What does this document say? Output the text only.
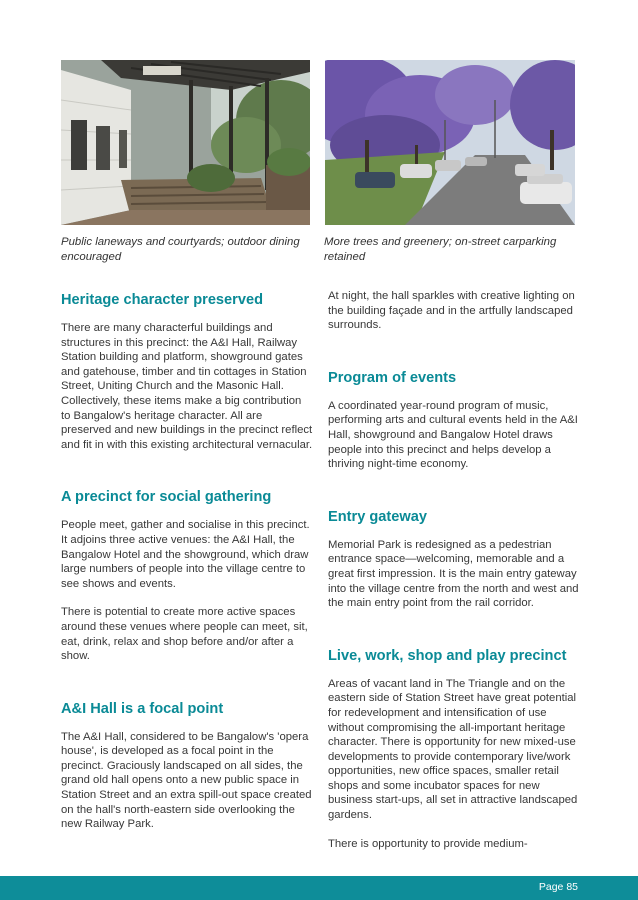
Public laneways and courtyards; outdoor dining encouraged

More trees and greenery; on-street carparking retained

Heritage character preserved

There are many characterful buildings and structures in this precinct: the A&I Hall, Railway Station building and platform, showground gates and gatehouse, timber and tin cottages in Station Street, Uniting Church and the Masonic Hall. Collectively, these items make a big contribution to Bangalow's heritage character. All are preserved and new buildings in the precinct reflect and fit in with this existing architectural vernacular.

A precinct for social gathering

People meet, gather and socialise in this precinct. It adjoins three active venues: the A&I Hall, the Bangalow Hotel and the showground, which draw large numbers of people into the village centre to see shows and events.

There is potential to create more active spaces around these venues where people can meet, sit, eat, drink, relax and shop before and/or after a show.

A&I Hall is a focal point

The A&I Hall, considered to be Bangalow's 'opera house', is developed as a focal point in the precinct. Graciously landscaped on all sides, the grand old hall opens onto a new public space in Station Street and an extra spill-out space created on the hall's north-eastern side overlooking the new Railway Park.

At night, the hall sparkles with creative lighting on the building façade and in the artfully landscaped surrounds.

Program of events

A coordinated year-round program of music, performing arts and cultural events held in the A&I Hall, showground and Bangalow Hotel draws people into this precinct and helps develop a thriving night-time economy.

Entry gateway

Memorial Park is redesigned as a pedestrian entrance space—welcoming, memorable and a great first impression. It is the main entry gateway into the village centre from the north and west and the main entry point from the rail corridor.

Live, work, shop and play precinct

Areas of vacant land in The Triangle and on the eastern side of Station Street have great potential for redevelopment and intensification of use without compromising the all-important heritage character. There is opportunity for new mixed-use developments to provide contemporary live/work opportunities, new office spaces, smaller retail shops and some incubator spaces for new business start-ups, all set in attractive landscaped gardens.

There is opportunity to provide medium-

Page 85
